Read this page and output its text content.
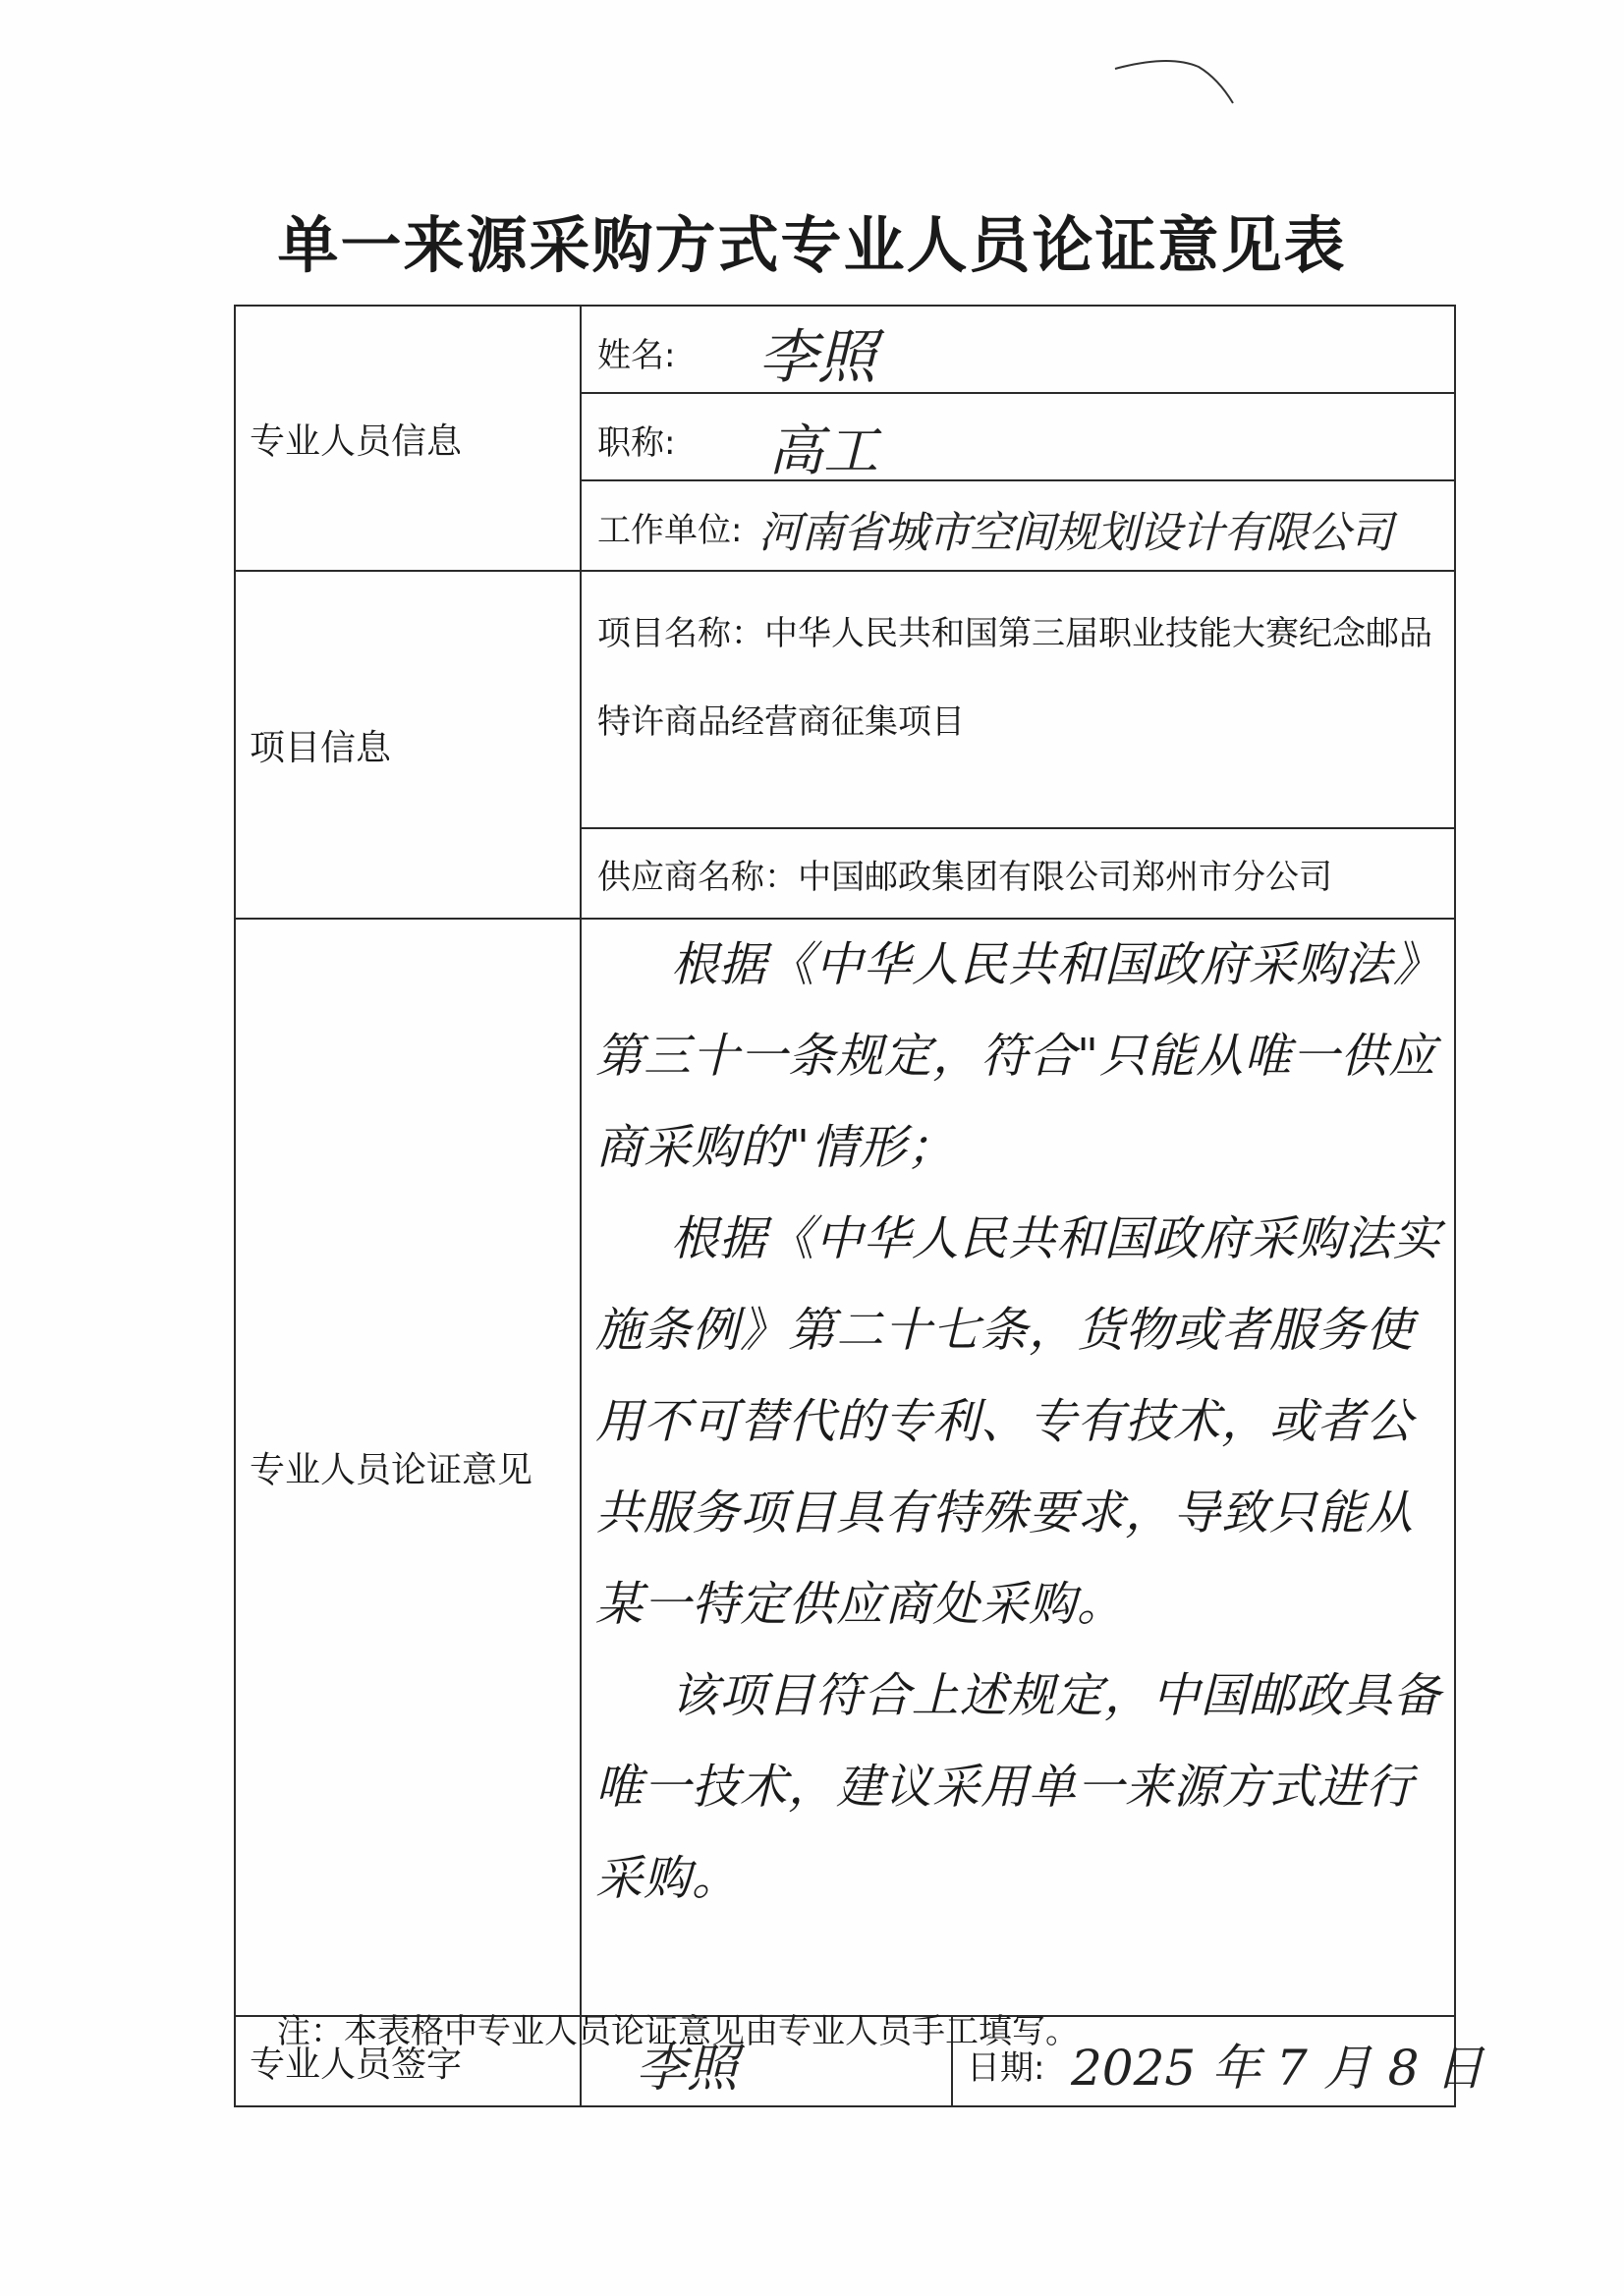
单一来源采购方式专业人员论证意见表
专业人员信息	姓名: 李照	

	职称: 高工	

	工作单位: 河南省城市空间规划设计有限公司	

项目信息	项目名称：中华人民共和国第三届职业技能大赛纪念邮品特许商品经营商征集项目	

	供应商名称：中国邮政集团有限公司郑州市分公司	
专业人员论证意见	根据《中华人民共和国政府采购法》第三十一条规定，符合"只能从唯一供应商采购的"情形；

根据《中华人民共和国政府采购法实施条例》第二十七条，货物或者服务使用不可替代的专利、专有技术，或者公共服务项目具有特殊要求，导致只能从某一特定供应商处采购。

该项目符合上述规定，中国邮政具备唯一技术，建议采用单一来源方式进行采购。	

专业人员签字	李照	日期: 2025 年 7 月 8 日
注：本表格中专业人员论证意见由专业人员手工填写。
